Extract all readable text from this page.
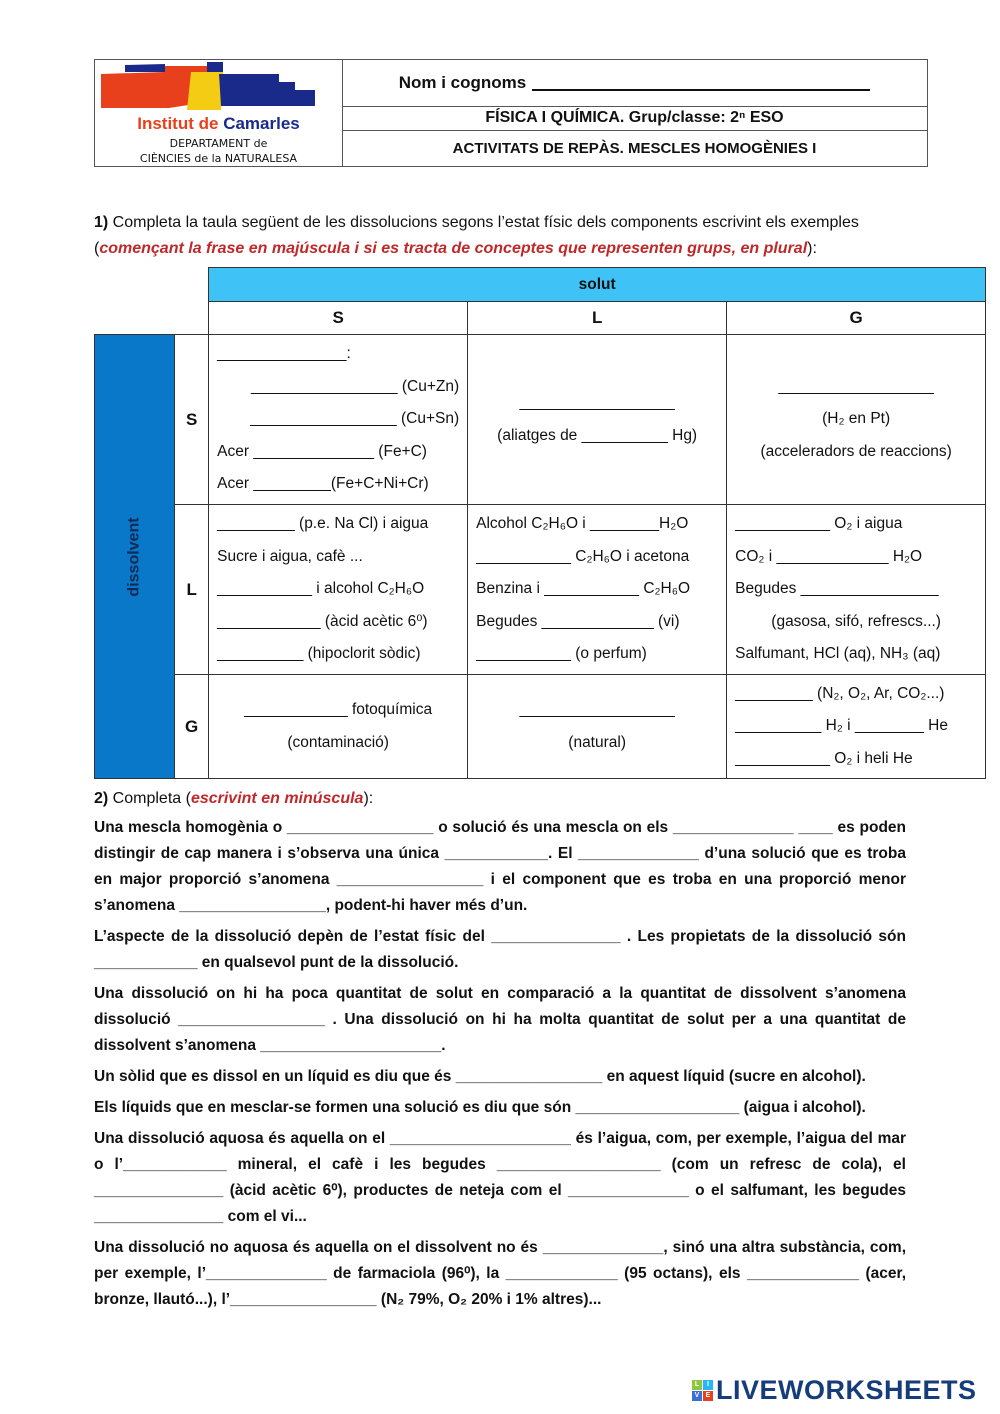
Institut de Camarles
DEPARTAMENT de
CIÈNCIES de la NATURALESA
Nom i cognoms
FÍSICA I QUÍMICA. Grup/classe: 2ⁿ ESO
ACTIVITATS DE REPÀS. MESCLES HOMOGÈNIES I
1) Completa la taula següent de les dissolucions segons l’estat físic dels components escrivint els exemples
(començant la frase en majúscula i si es tracta de conceptes que representen grups, en plural):
		solut		
		S	L	G
dissolvent	S	
_______________:
_________________ (Cu+Zn)
_________________ (Cu+Sn)
Acer ______________ (Fe+C)
Acer _________(Fe+C+Ni+Cr)

__________________
(aliatges de __________ Hg)

__________________
(H₂ en Pt)
(acceleradors de reaccions)

L	
_________ (p.e. Na Cl) i aigua
Sucre i aigua, cafè ...
___________ i alcohol C₂H₆O
____________ (àcid acètic 6⁰)
__________ (hipoclorit sòdic)

Alcohol C₂H₆O i ________H₂O
___________ C₂H₆O i acetona
Benzina i ___________ C₂H₆O
Begudes _____________ (vi)
___________ (o perfum)

___________ O₂ i aigua
CO₂ i _____________ H₂O
Begudes ________________
(gasosa, sifó, refrescs...)
Salfumant, HCl (aq), NH₃ (aq)

G	
____________ fotoquímica
(contaminació)

__________________
(natural)

_________ (N₂, O₂, Ar, CO₂...)
__________ H₂ i ________ He
___________ O₂ i heli He
2) Completa (escrivint en minúscula):

Una mescla homogènia o _________________ o solució és una mescla on els ______________ ____ es poden distingir de cap manera i s’observa una única ____________. El ______________ d’una solució que es troba en major proporció s’anomena _________________ i el component que es troba en una proporció menor s’anomena _________________, podent-hi haver més d’un.

L’aspecte de la dissolució depèn de l’estat físic del _______________ . Les propietats de la dissolució són ____________ en qualsevol punt de la dissolució.

Una dissolució on hi ha poca quantitat de solut en comparació a la quantitat de dissolvent s’anomena dissolució _________________ . Una dissolució on hi ha molta quantitat de solut per a una quantitat de dissolvent s’anomena _____________________.

Un sòlid que es dissol en un líquid es diu que és _________________ en aquest líquid (sucre en alcohol).

Els líquids que en mesclar-se formen una solució es diu que són ___________________ (aigua i alcohol).

Una dissolució aquosa és aquella on el _____________________ és l’aigua, com, per exemple, l’aigua del mar o l’____________ mineral, el cafè i les begudes ___________________ (com un refresc de cola), el _______________ (àcid acètic 6⁰), productes de neteja com el ______________ o el salfumant, les begudes _______________ com el vi...

Una dissolució no aquosa és aquella on el dissolvent no és ______________, sinó una altra substància, com, per exemple, l’______________ de farmaciola (96⁰), la _____________ (95 octans), els _____________ (acer, bronze, llautó...), l’_________________ (N₂ 79%, O₂ 20% i 1% altres)...

L	I
V E LIVEWORKSHEETS
